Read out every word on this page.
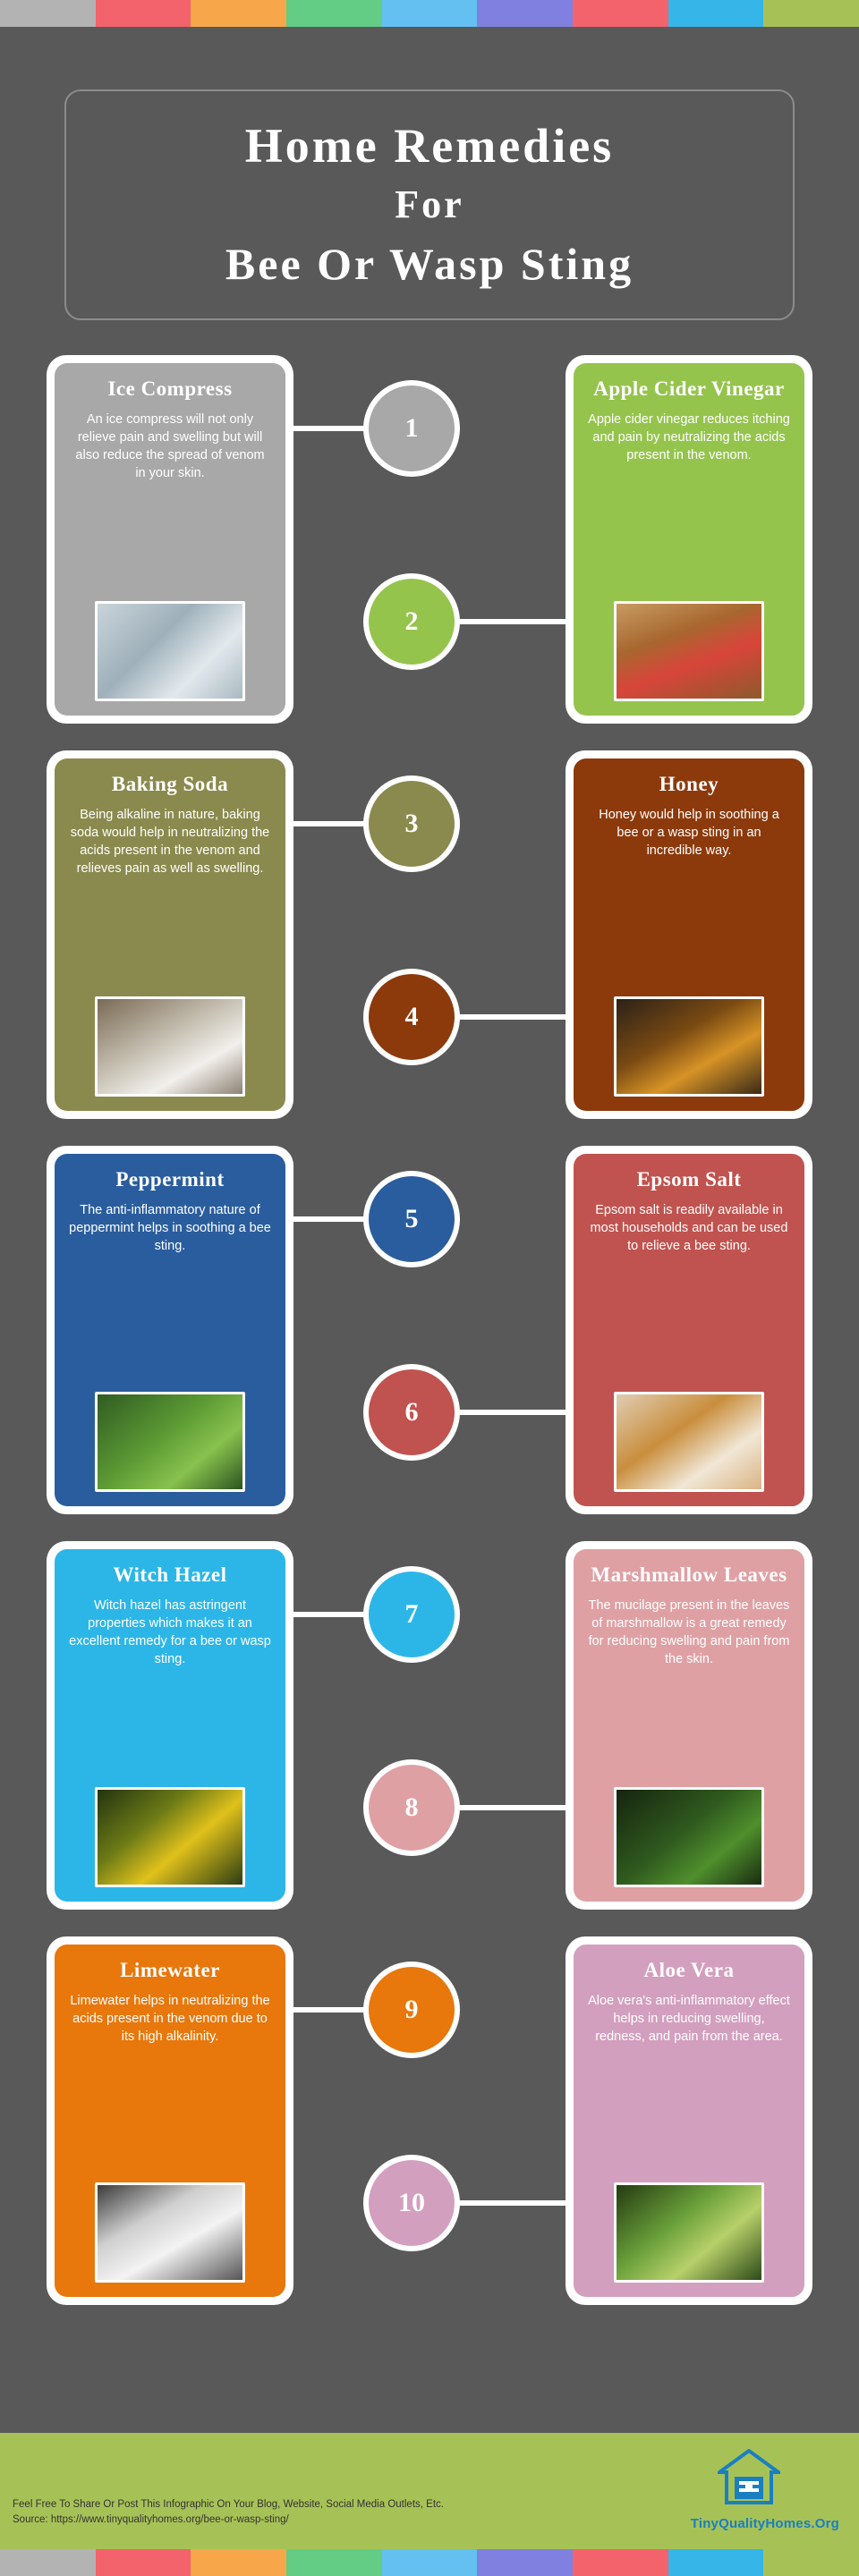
Home Remedies
For
Bee Or Wasp Sting
Ice Compress
An ice compress will not only relieve pain and swelling but will also reduce the spread of venom in your skin.
Apple Cider Vinegar
Apple cider vinegar reduces itching and pain by neutralizing the acids present in the venom.
1
2
Baking Soda
Being alkaline in nature, baking soda would help in neutralizing the acids present in the venom and relieves pain as well as swelling.
Honey
Honey would help in soothing a bee or a wasp sting in an incredible way.
3
4
Peppermint
The anti-inflammatory nature of peppermint helps in soothing a bee sting.
Epsom Salt
Epsom salt is readily available in most households and can be used to relieve a bee sting.
5
6
Witch Hazel
Witch hazel has astringent properties which makes it an excellent remedy for a bee or wasp sting.
Marshmallow Leaves
The mucilage present in the leaves of marshmallow is a great remedy for reducing swelling and pain from the skin.
7
8
Limewater
Limewater helps in neutralizing the acids present in the venom due to its high alkalinity.
Aloe Vera
Aloe vera's anti-inflammatory effect helps in reducing swelling, redness, and pain from the area.
9
10
Feel Free To Share Or Post This Infographic On Your Blog, Website, Social Media Outlets, Etc.
Source: https://www.tinyqualityhomes.org/bee-or-wasp-sting/	TinyQualityHomes.Org
